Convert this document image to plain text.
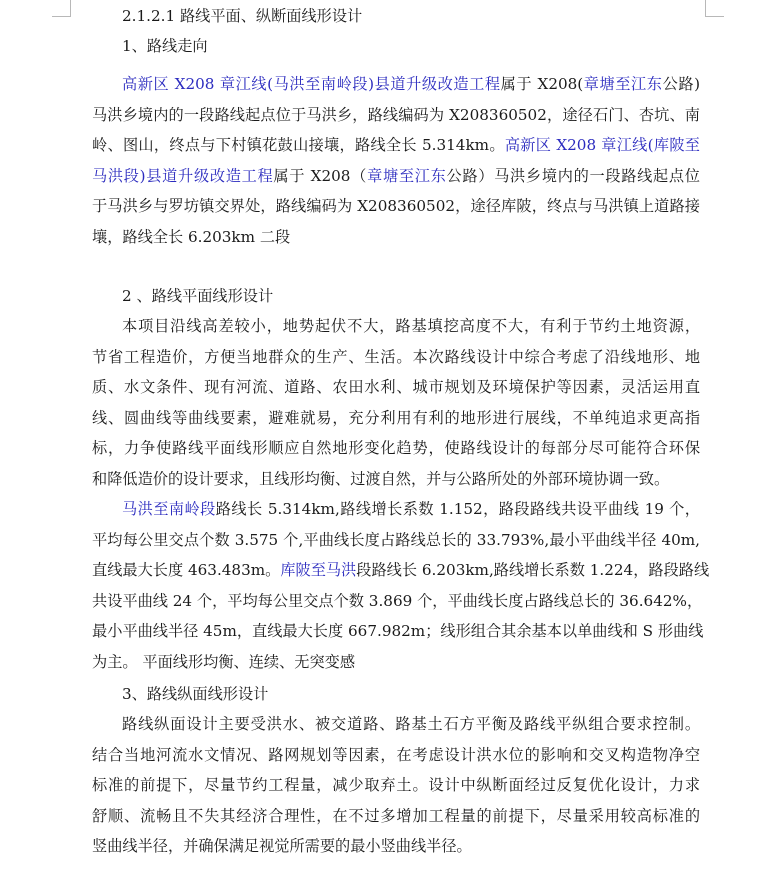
2.1.2.1 路线平面、纵断面线形设计
1、路线走向
高新区 X208 章江线(马洪至南岭段)县道升级改造工程属于 X208(章塘至江东公路)
马洪乡境内的一段路线起点位于马洪乡，路线编码为 X208360502，途径石门、杏坑、南
岭、图山，终点与下村镇花鼓山接壤，路线全长 5.314km。高新区 X208 章江线(库陂至
马洪段)县道升级改造工程属于 X208（章塘至江东公路）马洪乡境内的一段路线起点位
于马洪乡与罗坊镇交界处，路线编码为 X208360502，途径库陂，终点与马洪镇上道路接
壤，路线全长 6.203km 二段
2 、路线平面线形设计
本项目沿线高差较小，地势起伏不大，路基填挖高度不大，有利于节约土地资源，
节省工程造价，方便当地群众的生产、生活。本次路线设计中综合考虑了沿线地形、地
质、水文条件、现有河流、道路、农田水利、城市规划及环境保护等因素，灵活运用直
线、圆曲线等曲线要素，避难就易，充分利用有利的地形进行展线，不单纯追求更高指
标，力争使路线平面线形顺应自然地形变化趋势，使路线设计的每部分尽可能符合环保
和降低造价的设计要求，且线形均衡、过渡自然，并与公路所处的外部环境协调一致。
马洪至南岭段路线长 5.314km,路线增长系数 1.152，路段路线共设平曲线 19 个，
平均每公里交点个数 3.575 个,平曲线长度占路线总长的 33.793%,最小平曲线半径 40m,
直线最大长度 463.483m。库陂至马洪段路线长 6.203km,路线增长系数 1.224，路段路线
共设平曲线 24 个，平均每公里交点个数 3.869 个，平曲线长度占路线总长的 36.642%，
最小平曲线半径 45m，直线最大长度 667.982m；线形组合其余基本以单曲线和 S 形曲线
为主。 平面线形均衡、连续、无突变感
3、路线纵面线形设计
路线纵面设计主要受洪水、被交道路、路基土石方平衡及路线平纵组合要求控制。
结合当地河流水文情况、路网规划等因素，在考虑设计洪水位的影响和交叉构造物净空
标准的前提下，尽量节约工程量，减少取弃土。设计中纵断面经过反复优化设计，力求
舒顺、流畅且不失其经济合理性，在不过多增加工程量的前提下，尽量采用较高标准的
竖曲线半径，并确保满足视觉所需要的最小竖曲线半径。
